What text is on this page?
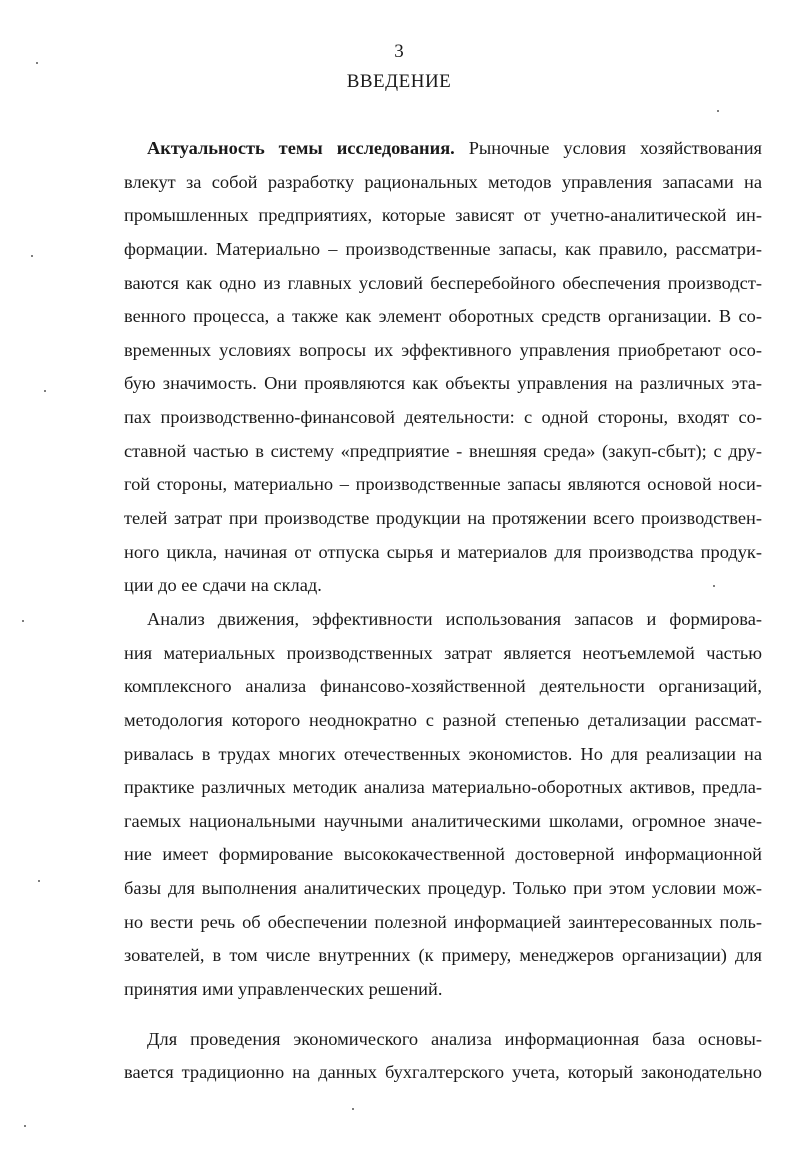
3
ВВЕДЕНИЕ
Актуальность темы исследования. Рыночные условия хозяйствования
влекут за собой разработку рациональных методов управления запасами на
промышленных предприятиях, которые зависят от учетно-аналитической ин-
формации. Материально – производственные запасы, как правило, рассматри-
ваются как одно из главных условий бесперебойного обеспечения производст-
венного процесса, а также как элемент оборотных средств организации. В со-
временных условиях вопросы их эффективного управления приобретают осо-
бую значимость. Они проявляются как объекты управления на различных эта-
пах производственно-финансовой деятельности: с одной стороны, входят со-
ставной частью в систему «предприятие - внешняя среда» (закуп-сбыт); с дру-
гой стороны, материально – производственные запасы являются основой носи-
телей затрат при производстве продукции на протяжении всего производствен-
ного цикла, начиная от отпуска сырья и материалов для производства продук-
ции до ее сдачи на склад.
Анализ движения, эффективности использования запасов и формирова-
ния материальных производственных затрат является неотъемлемой частью
комплексного анализа финансово-хозяйственной деятельности организаций,
методология которого неоднократно с разной степенью детализации рассмат-
ривалась в трудах многих отечественных экономистов. Но для реализации на
практике различных методик анализа материально-оборотных активов, предла-
гаемых национальными научными аналитическими школами, огромное значе-
ние имеет формирование высококачественной достоверной информационной
базы для выполнения аналитических процедур. Только при этом условии мож-
но вести речь об обеспечении полезной информацией заинтересованных поль-
зователей, в том числе внутренних (к примеру, менеджеров организации) для
принятия ими управленческих решений.
Для проведения экономического анализа информационная база основы-
вается традиционно на данных бухгалтерского учета, который законодательно
